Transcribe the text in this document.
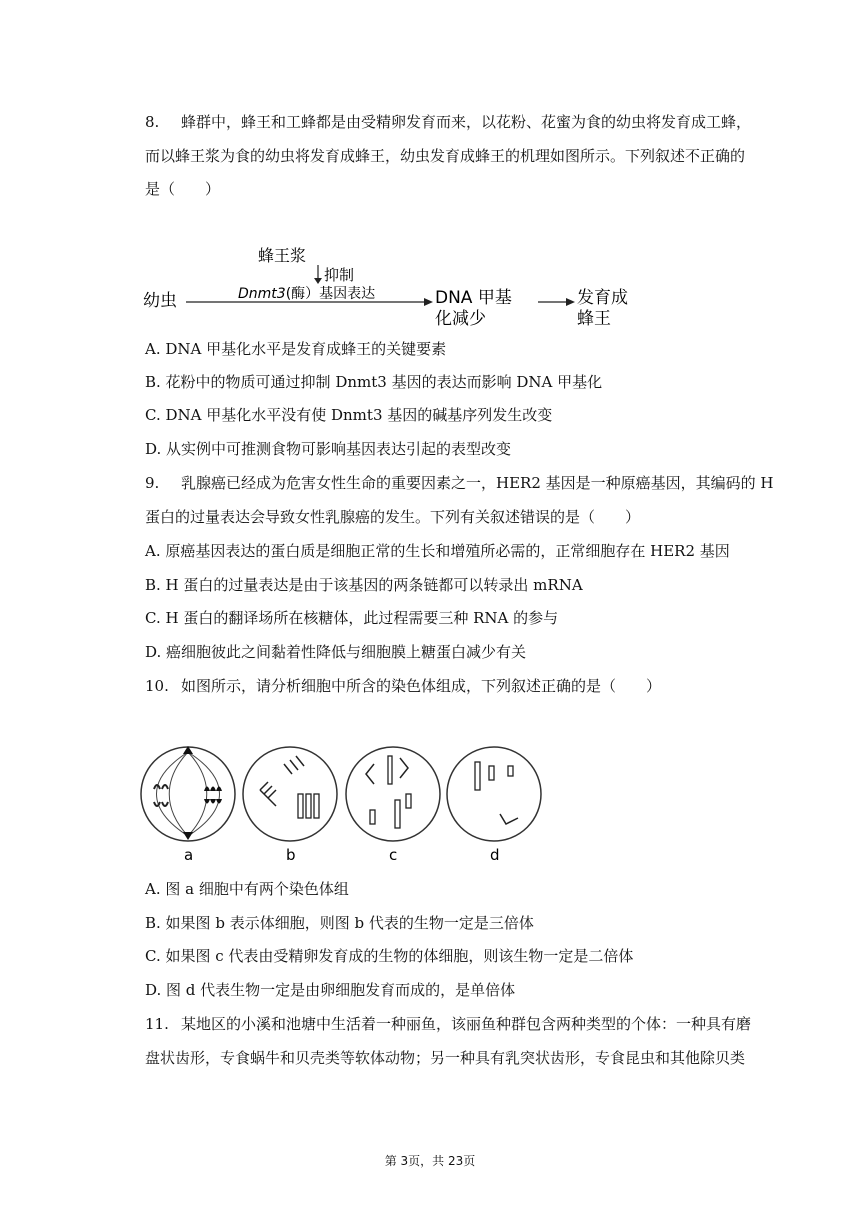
8. 蜂群中，蜂王和工蜂都是由受精卵发育而来，以花粉、花蜜为食的幼虫将发育成工蜂，
而以蜂王浆为食的幼虫将发育成蜂王，幼虫发育成蜂王的机理如图所示。下列叙述不正确的
是（　　）
蜂王浆
抑制
幼虫	Dnmt3(酶）基因表达	DNA 甲基
化减少
发育成
蜂王
A. DNA 甲基化水平是发育成蜂王的关键要素
B. 花粉中的物质可通过抑制 Dnmt3 基因的表达而影响 DNA 甲基化
C. DNA 甲基化水平没有使 Dnmt3 基因的碱基序列发生改变
D. 从实例中可推测食物可影响基因表达引起的表型改变
9. 乳腺癌已经成为危害女性生命的重要因素之一，HER2 基因是一种原癌基因，其编码的 H
蛋白的过量表达会导致女性乳腺癌的发生。下列有关叙述错误的是（　　）
A. 原癌基因表达的蛋白质是细胞正常的生长和增殖所必需的，正常细胞存在 HER2 基因
B. H 蛋白的过量表达是由于该基因的两条链都可以转录出 mRNA
C. H 蛋白的翻译场所在核糖体，此过程需要三种 RNA 的参与
D. 癌细胞彼此之间黏着性降低与细胞膜上糖蛋白减少有关
10. 如图所示，请分析细胞中所含的染色体组成，下列叙述正确的是（　　）
a	b	c	d
A. 图 a 细胞中有两个染色体组
B. 如果图 b 表示体细胞，则图 b 代表的生物一定是三倍体
C. 如果图 c 代表由受精卵发育成的生物的体细胞，则该生物一定是二倍体
D. 图 d 代表生物一定是由卵细胞发育而成的，是单倍体
11. 某地区的小溪和池塘中生活着一种丽鱼，该丽鱼种群包含两种类型的个体：一种具有磨
盘状齿形，专食蜗牛和贝壳类等软体动物；另一种具有乳突状齿形，专食昆虫和其他除贝类
第 3页，共 23页
